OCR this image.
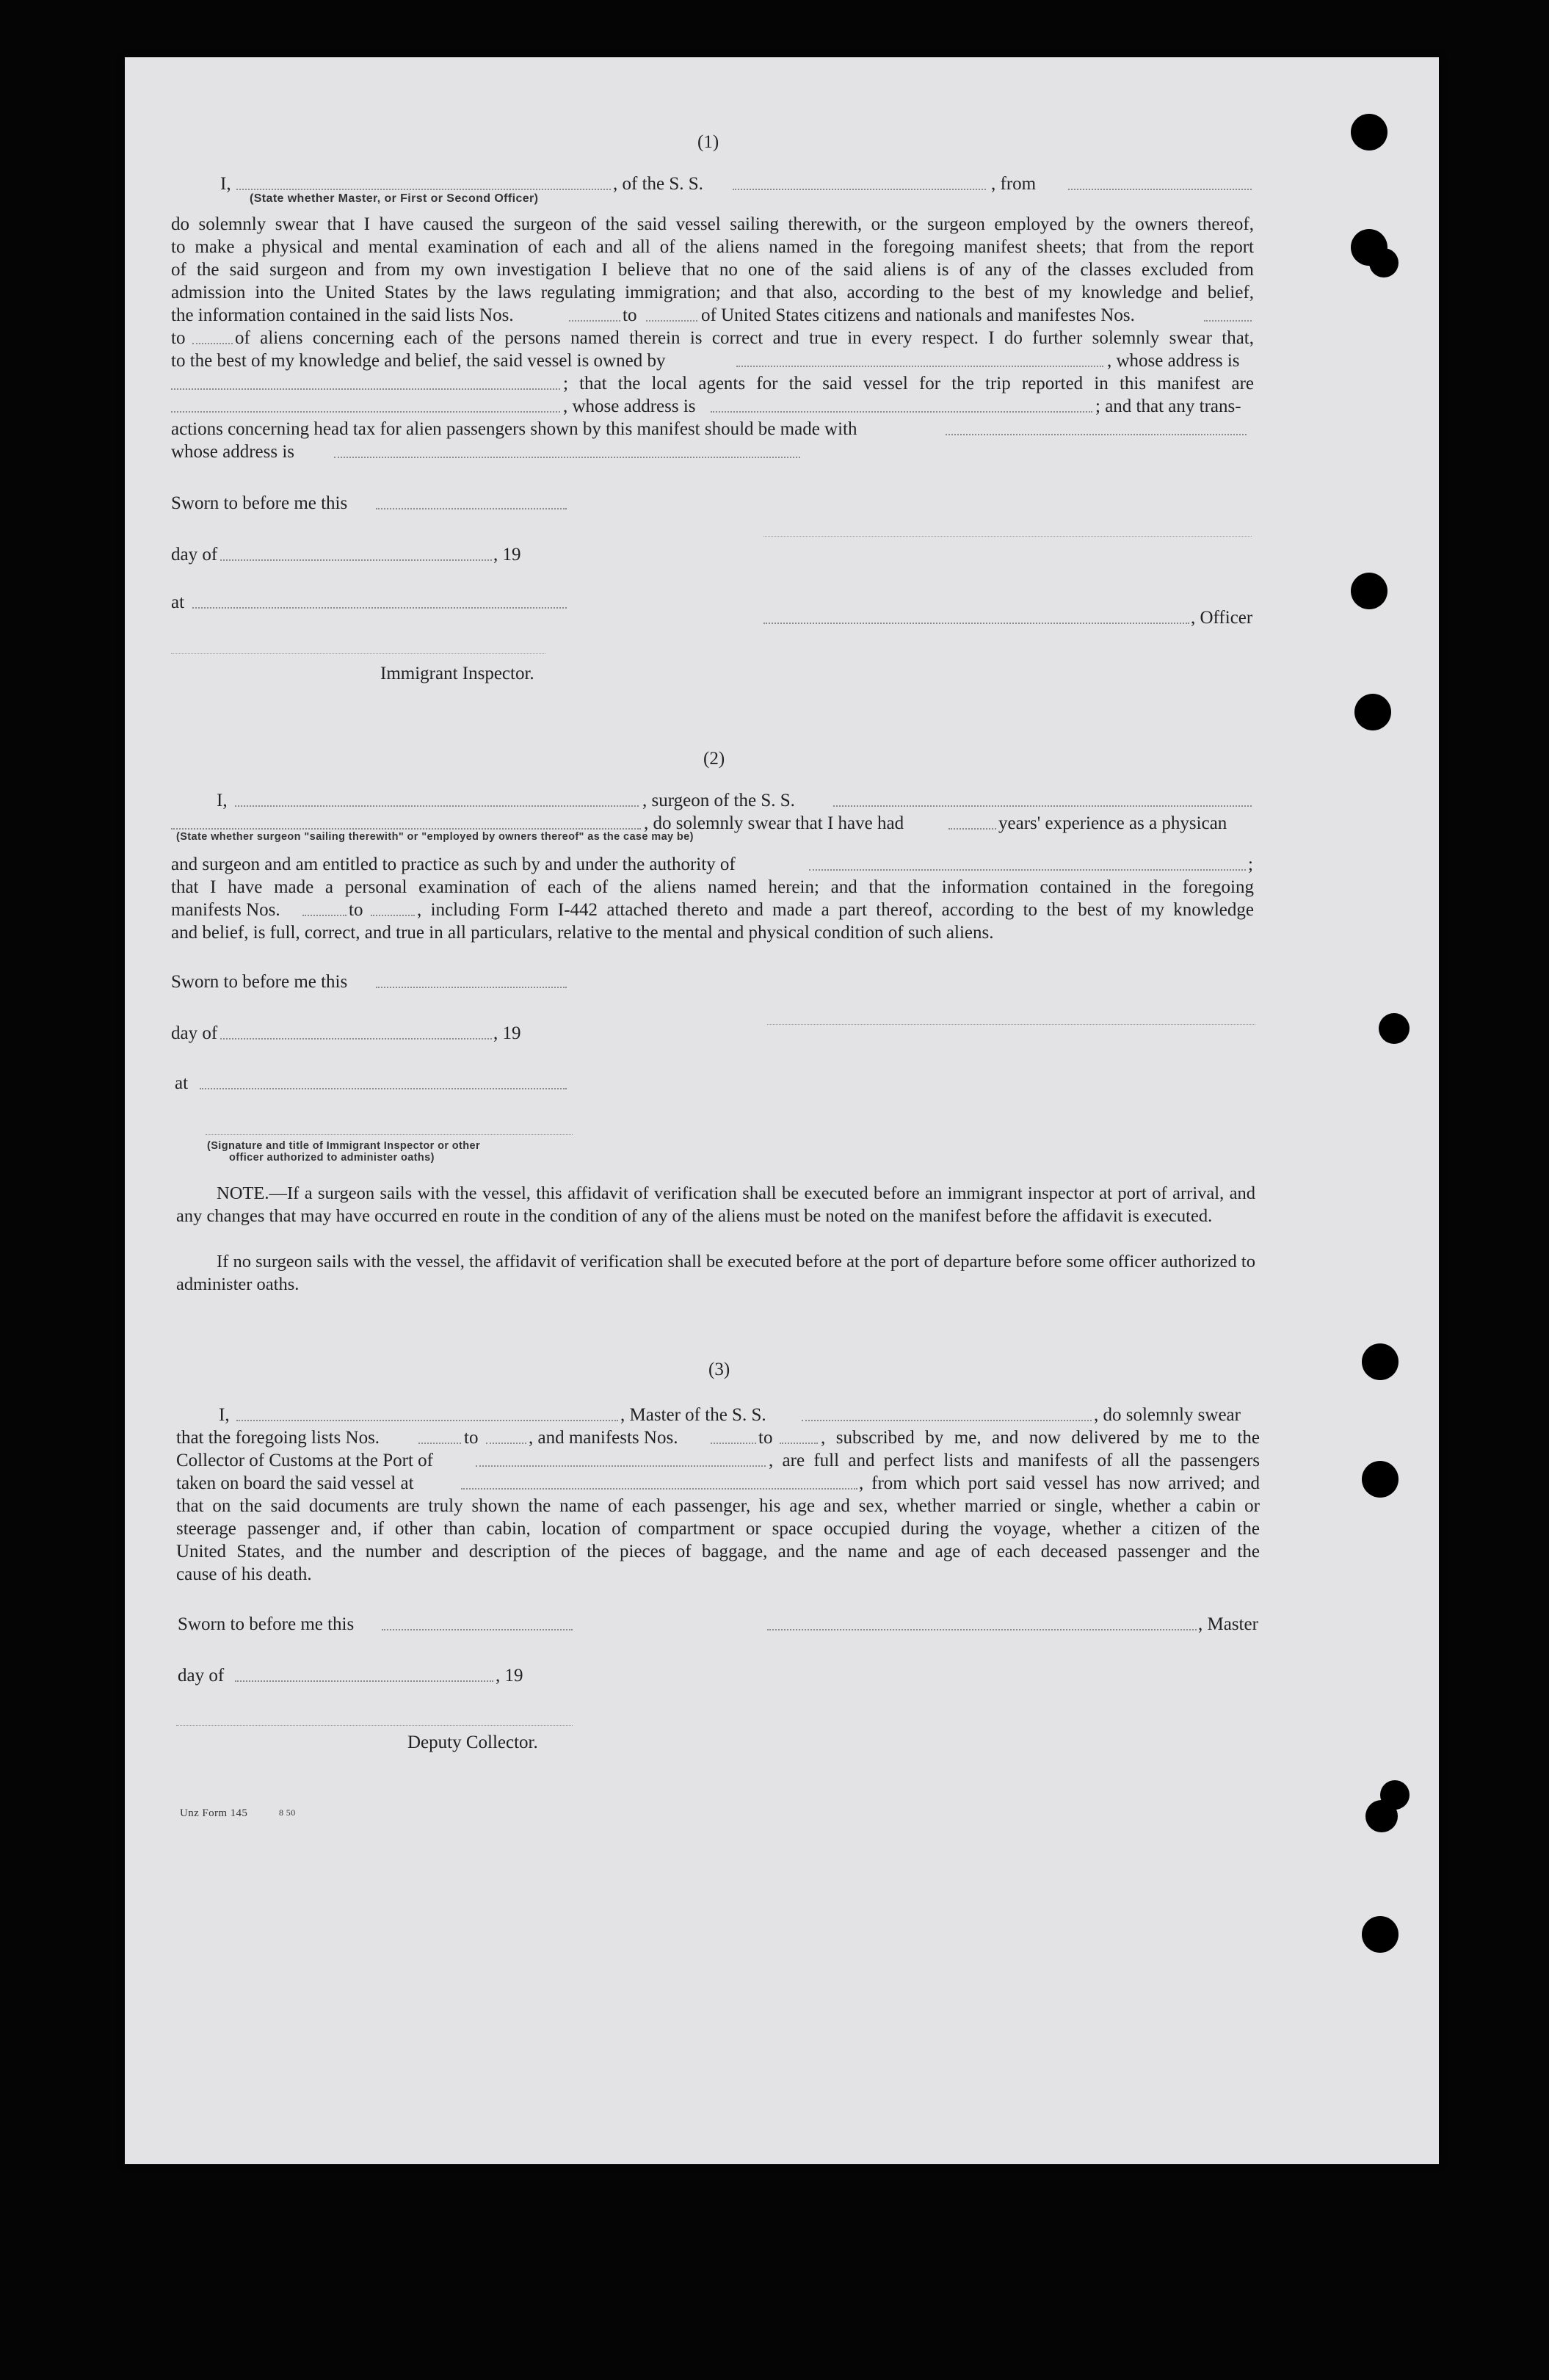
(1)
I,	, of the S. S.	, from
(State whether Master, or First or Second Officer)
do solemnly swear that I have caused the surgeon of the said vessel sailing therewith, or the surgeon employed by the owners thereof,
to make a physical and mental examination of each and all of the aliens named in the foregoing manifest sheets; that from the report
of the said surgeon and from my own investigation I believe that no one of the said aliens is of any of the classes excluded from
admission into the United States by the laws regulating immigration; and that also, according to the best of my knowledge and belief,
the information contained in the said lists Nos.	to	of United States citizens and nationals and manifestes Nos.
to	of aliens concerning each of the persons named therein is correct and true in every respect. I do further solemnly swear that,
to the best of my knowledge and belief, the said vessel is owned by	, whose address is
; that the local agents for the said vessel for the trip reported in this manifest are
, whose address is	; and that any trans-
actions concerning head tax for alien passengers shown by this manifest should be made with
whose address is
Sworn to before me this
day of	, 19
at
, Officer
Immigrant Inspector.
(2)
I,	, surgeon of the S. S.
, do solemnly swear that I have had	years' experience as a physican
(State whether surgeon "sailing therewith" or "employed by owners thereof" as the case may be)
and surgeon and am entitled to practice as such by and under the authority of	;
that I have made a personal examination of each of the aliens named herein; and that the information contained in the foregoing
manifests Nos.	to	, including Form I-442 attached thereto and made a part thereof, according to the best of my knowledge
and belief, is full, correct, and true in all particulars, relative to the mental and physical condition of such aliens.
Sworn to before me this
day of	, 19
at
(Signature and title of Immigrant Inspector or other
officer authorized to administer oaths)
NOTE.—If a surgeon sails with the vessel, this affidavit of verification shall be executed before an immigrant inspector at port of arrival, and any changes that may have occurred en route in the condition of any of the aliens must be noted on the manifest before the affidavit is executed.
If no surgeon sails with the vessel, the affidavit of verification shall be executed before at the port of departure before some officer authorized to administer oaths.
(3)
I,	, Master of the S. S.	, do solemnly swear
that the foregoing lists Nos.	to	, and manifests Nos.	to	, subscribed by me, and now delivered by me to the
Collector of Customs at the Port of	, are full and perfect lists and manifests of all the passengers
taken on board the said vessel at	, from which port said vessel has now arrived; and
that on the said documents are truly shown the name of each passenger, his age and sex, whether married or single, whether a cabin or
steerage passenger and, if other than cabin, location of compartment or space occupied during the voyage, whether a citizen of the
United States, and the number and description of the pieces of baggage, and the name and age of each deceased passenger and the
cause of his death.
Sworn to before me this	, Master
day of	, 19
Deputy Collector.
Unz Form 145	8 50
